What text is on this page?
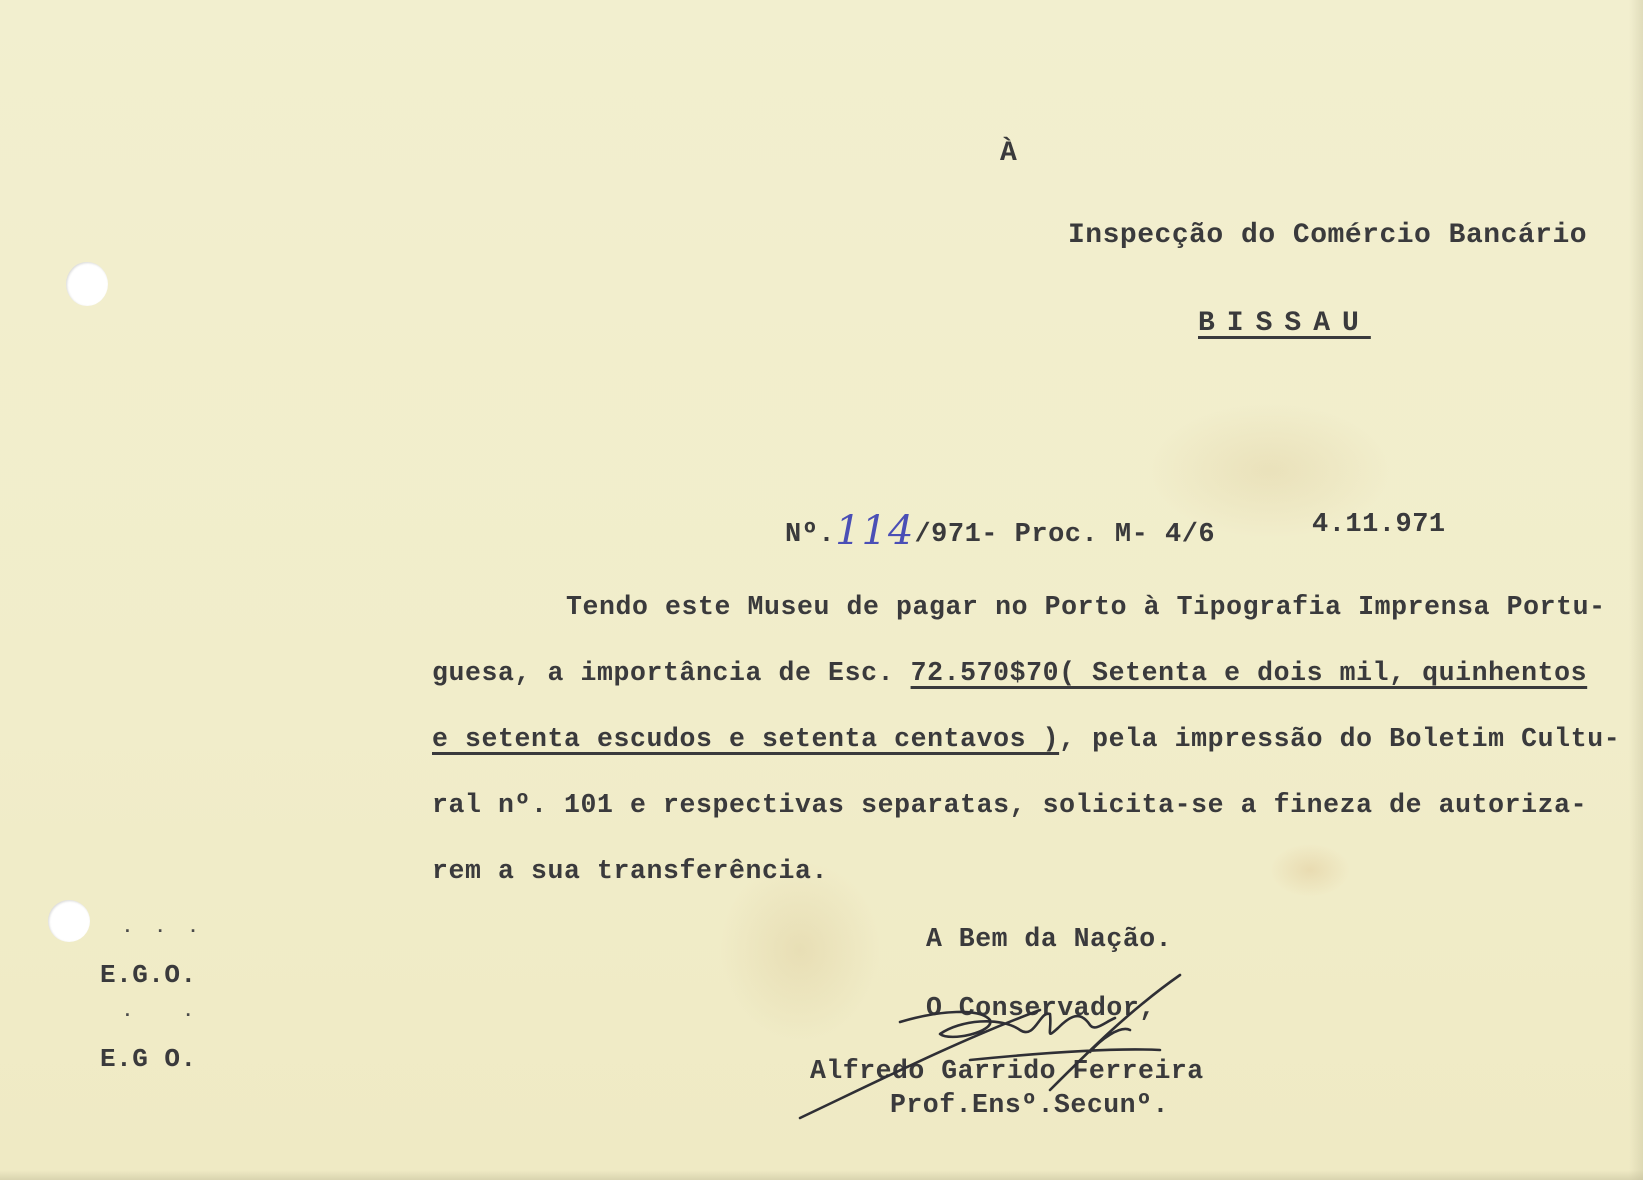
À

Inspecção do Comércio Bancário

BISSAU

Nº.114/971- Proc. M- 4/6	4.11.971

Tendo este Museu de pagar no Porto à Tipografia Imprensa Portu-

guesa, a importância de Esc. 72.570$70( Setenta e dois mil, quinhentos

e setenta escudos e setenta centavos ), pela impressão do Boletim Cultu-

ral nº. 101 e respectivas separatas, solicita-se a fineza de autoriza-

rem a sua transferência.

A Bem da Nação.

O Conservador,

Alfredo Garrido Ferreira

Prof.Ensº.Secunº.

...

E.G.O.

..

E.G O.
